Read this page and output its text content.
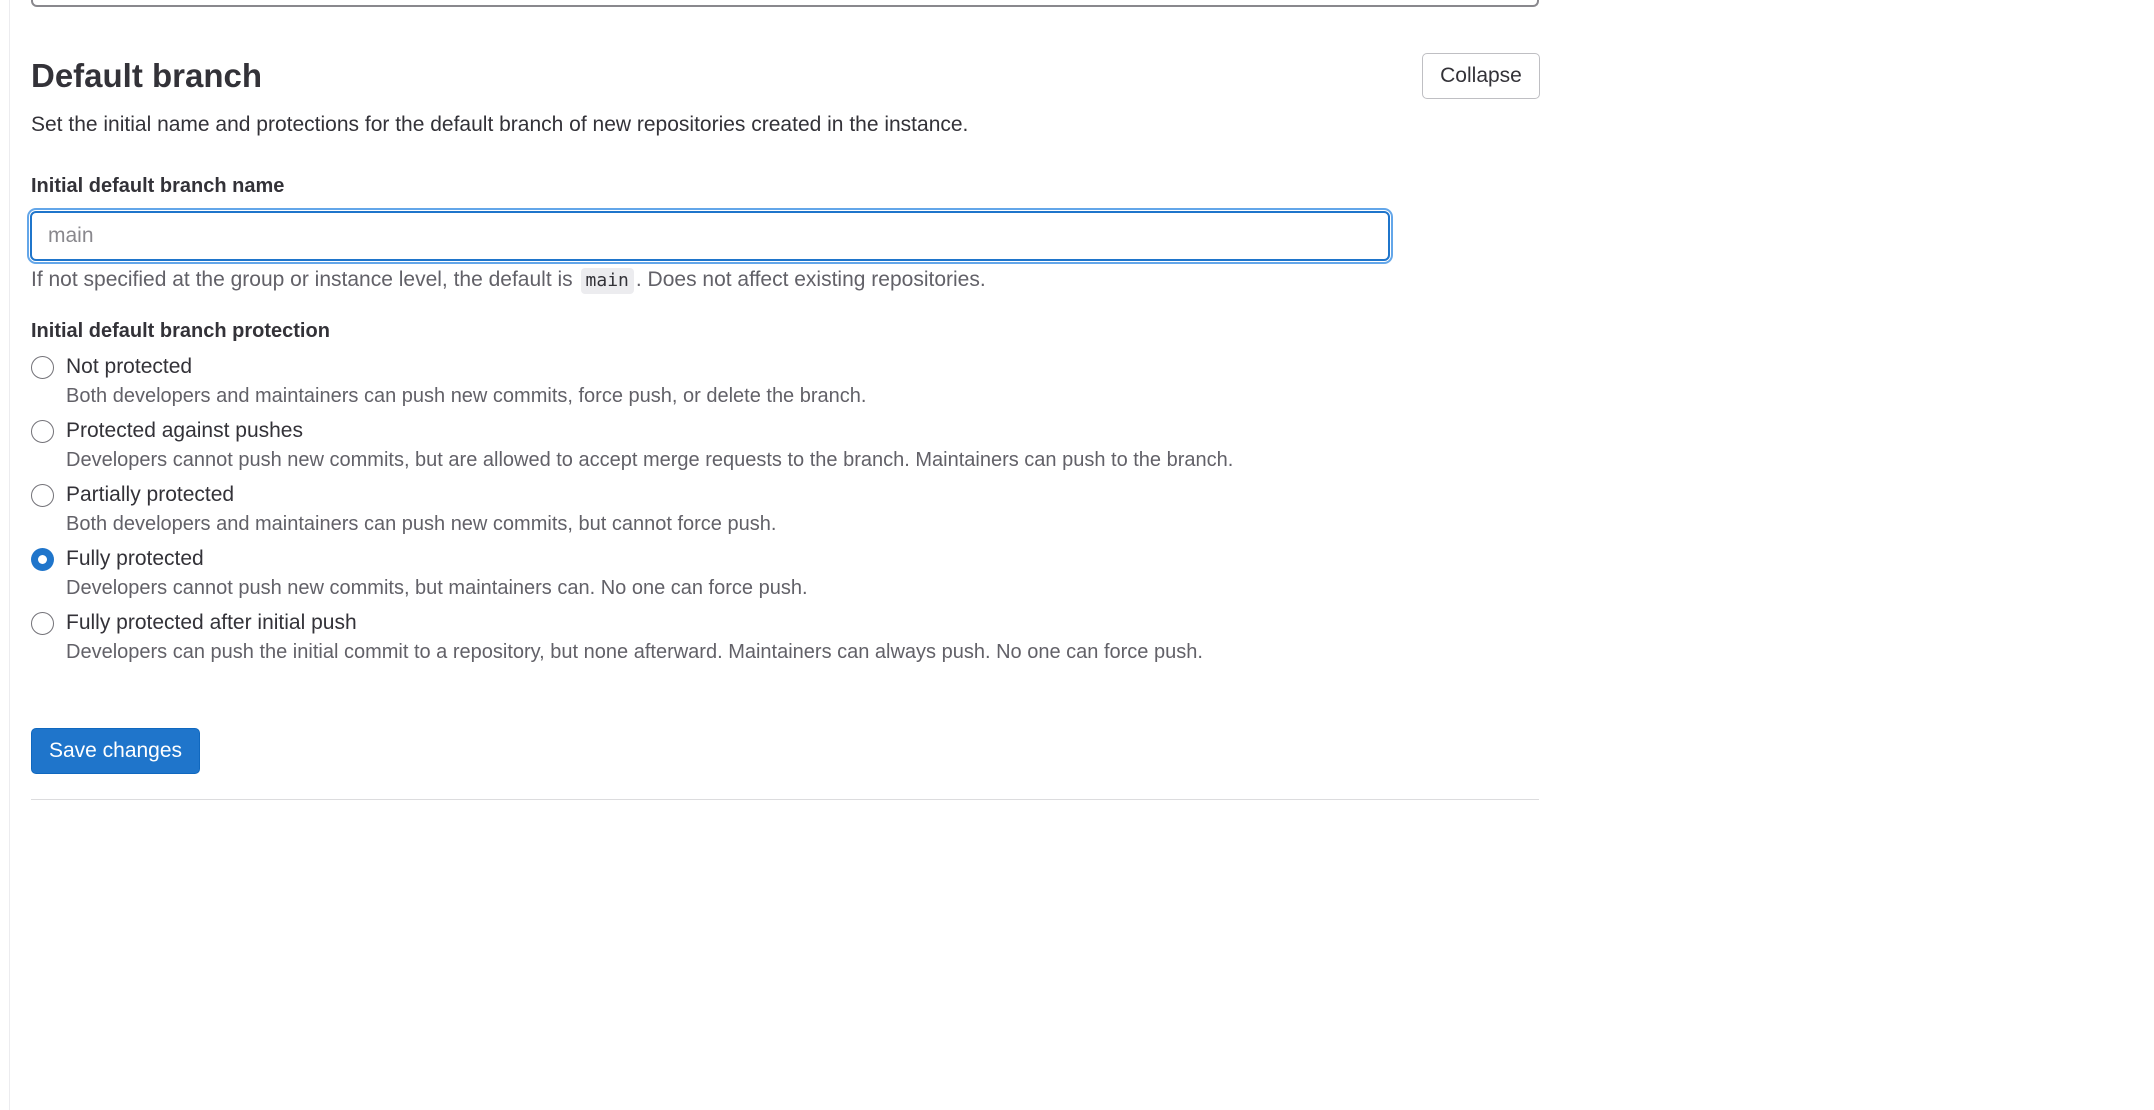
Default branch	Collapse

Set the initial name and protections for the default branch of new repositories created in the instance.

Initial default branch name
main

If not specified at the group or instance level, the default is main . Does not affect existing repositories.

Initial default branch protection
Not protected
Both developers and maintainers can push new commits, force push, or delete the branch.
Protected against pushes
Developers cannot push new commits, but are allowed to accept merge requests to the branch. Maintainers can push to the branch.
Partially protected
Both developers and maintainers can push new commits, but cannot force push.
Fully protected
Developers cannot push new commits, but maintainers can. No one can force push.
Fully protected after initial push
Developers can push the initial commit to a repository, but none afterward. Maintainers can always push. No one can force push.
Save changes
